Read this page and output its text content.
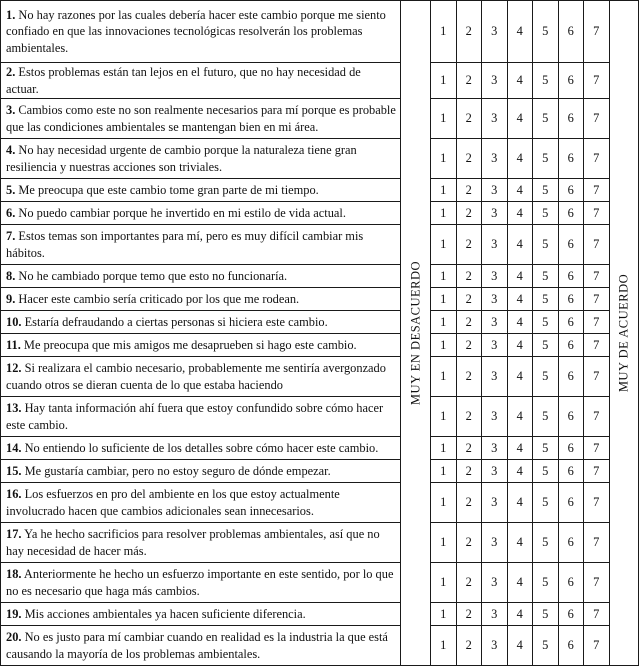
1. No hay razones por las cuales debería hacer este cambio porque me siento confiado en que las innovaciones tecnológicas resolverán los problemas ambientales.	MUY EN DESACUERDO	1	2	3	4	5	6	7	MUY DE ACUERDO

2. Estos problemas están tan lejos en el futuro, que no hay necesidad de actuar.		1	2	3	4	5	6	7	
3. Cambios como este no son realmente necesarios para mí porque es probable que las condiciones ambientales se mantengan bien en mi área.		1	2	3	4	5	6	7	
4. No hay necesidad urgente de cambio porque la naturaleza tiene gran resiliencia y nuestras acciones son triviales.		1	2	3	4	5	6	7	
5. Me preocupa que este cambio tome gran parte de mi tiempo.		1	2	3	4	5	6	7	
6. No puedo cambiar porque he invertido en mi estilo de vida actual.		1	2	3	4	5	6	7	
7. Estos temas son importantes para mí, pero es muy difícil cambiar mis hábitos.		1	2	3	4	5	6	7	
8. No he cambiado porque temo que esto no funcionaría.		1	2	3	4	5	6	7	
9. Hacer este cambio sería criticado por los que me rodean.		1	2	3	4	5	6	7	
10. Estaría defraudando a ciertas personas si hiciera este cambio.		1	2	3	4	5	6	7	
11. Me preocupa que mis amigos me desaprueben si hago este cambio.		1	2	3	4	5	6	7	
12. Si realizara el cambio necesario, probablemente me sentiría avergonzado cuando otros se dieran cuenta de lo que estaba haciendo		1	2	3	4	5	6	7	
13. Hay tanta información ahí fuera que estoy confundido sobre cómo hacer este cambio.		1	2	3	4	5	6	7	
14. No entiendo lo suficiente de los detalles sobre cómo hacer este cambio.		1	2	3	4	5	6	7	
15. Me gustaría cambiar, pero no estoy seguro de dónde empezar.		1	2	3	4	5	6	7	
16. Los esfuerzos en pro del ambiente en los que estoy actualmente involucrado hacen que cambios adicionales sean innecesarios.		1	2	3	4	5	6	7	
17. Ya he hecho sacrificios para resolver problemas ambientales, así que no hay necesidad de hacer más.		1	2	3	4	5	6	7	
18. Anteriormente he hecho un esfuerzo importante en este sentido, por lo que no es necesario que haga más cambios.		1	2	3	4	5	6	7	
19. Mis acciones ambientales ya hacen suficiente diferencia.		1	2	3	4	5	6	7	
20. No es justo para mí cambiar cuando en realidad es la industria la que está causando la mayoría de los problemas ambientales.		1	2	3	4	5	6	7	
